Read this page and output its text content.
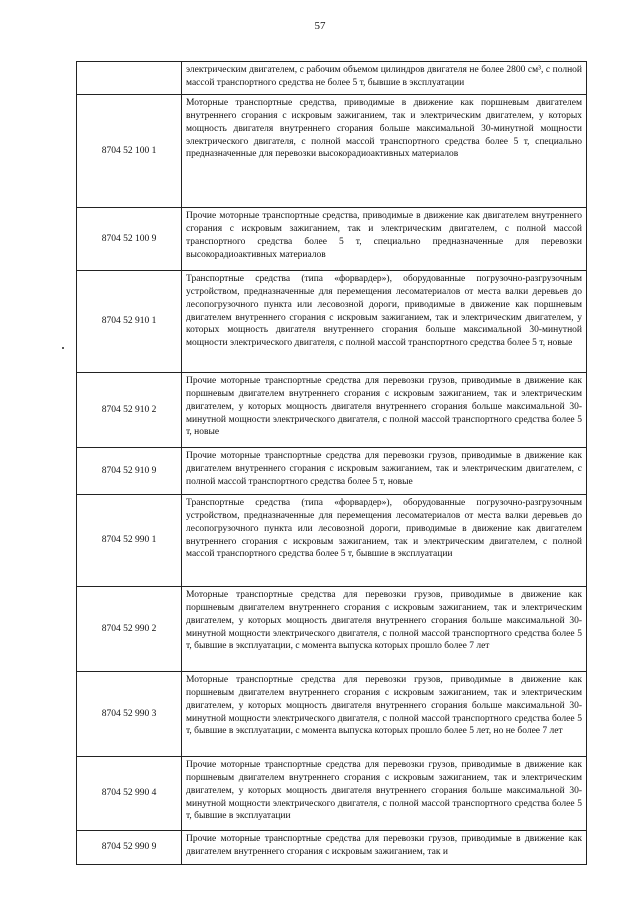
57
	электрическим двигателем, с рабочим объемом цилиндров двигателя не более 2800 см³, с полной массой транспортного средства не более 5 т, бывшие в эксплуатации
8704 52 100 1	Моторные транспортные средства, приводимые в движение как поршневым двигателем внутреннего сгорания с искровым зажиганием, так и электрическим двигателем, у которых мощность двигателя внутреннего сгорания больше максимальной 30-минутной мощности электрического двигателя, с полной массой транспортного средства более 5 т, специально предназначенные для перевозки высокорадиоактивных материалов
8704 52 100 9	Прочие моторные транспортные средства, приводимые в движение как двигателем внутреннего сгорания с искровым зажиганием, так и электрическим двигателем, с полной массой транспортного средства более 5 т, специально предназначенные для перевозки высокорадиоактивных материалов
8704 52 910 1	Транспортные средства (типа «форвардер»), оборудованные погрузочно-разгрузочным устройством, предназначенные для перемещения лесоматериалов от места валки деревьев до лесопогрузочного пункта или лесовозной дороги, приводимые в движение как поршневым двигателем внутреннего сгорания с искровым зажиганием, так и электрическим двигателем, у которых мощность двигателя внутреннего сгорания больше максимальной 30-минутной мощности электрического двигателя, с полной массой транспортного средства более 5 т, новые
8704 52 910 2	Прочие моторные транспортные средства для перевозки грузов, приводимые в движение как поршневым двигателем внутреннего сгорания с искровым зажиганием, так и электрическим двигателем, у которых мощность двигателя внутреннего сгорания больше максимальной 30-минутной мощности электрического двигателя, с полной массой транспортного средства более 5 т, новые
8704 52 910 9	Прочие моторные транспортные средства для перевозки грузов, приводимые в движение как двигателем внутреннего сгорания с искровым зажиганием, так и электрическим двигателем, с полной массой транспортного средства более 5 т, новые
8704 52 990 1	Транспортные средства (типа «форвардер»), оборудованные погрузочно-разгрузочным устройством, предназначенные для перемещения лесоматериалов от места валки деревьев до лесопогрузочного пункта или лесовозной дороги, приводимые в движение как двигателем внутреннего сгорания с искровым зажиганием, так и электрическим двигателем, с полной массой транспортного средства более 5 т, бывшие в эксплуатации
8704 52 990 2	Моторные транспортные средства для перевозки грузов, приводимые в движение как поршневым двигателем внутреннего сгорания с искровым зажиганием, так и электрическим двигателем, у которых мощность двигателя внутреннего сгорания больше максимальной 30-минутной мощности электрического двигателя, с полной массой транспортного средства более 5 т, бывшие в эксплуатации, с момента выпуска которых прошло более 7 лет
8704 52 990 3	Моторные транспортные средства для перевозки грузов, приводимые в движение как поршневым двигателем внутреннего сгорания с искровым зажиганием, так и электрическим двигателем, у которых мощность двигателя внутреннего сгорания больше максимальной 30-минутной мощности электрического двигателя, с полной массой транспортного средства более 5 т, бывшие в эксплуатации, с момента выпуска которых прошло более 5 лет, но не более 7 лет
8704 52 990 4	Прочие моторные транспортные средства для перевозки грузов, приводимые в движение как поршневым двигателем внутреннего сгорания с искровым зажиганием, так и электрическим двигателем, у которых мощность двигателя внутреннего сгорания больше максимальной 30-минутной мощности электрического двигателя, с полной массой транспортного средства более 5 т, бывшие в эксплуатации
8704 52 990 9	Прочие моторные транспортные средства для перевозки грузов, приводимые в движение как двигателем внутреннего сгорания с искровым зажиганием, так и
